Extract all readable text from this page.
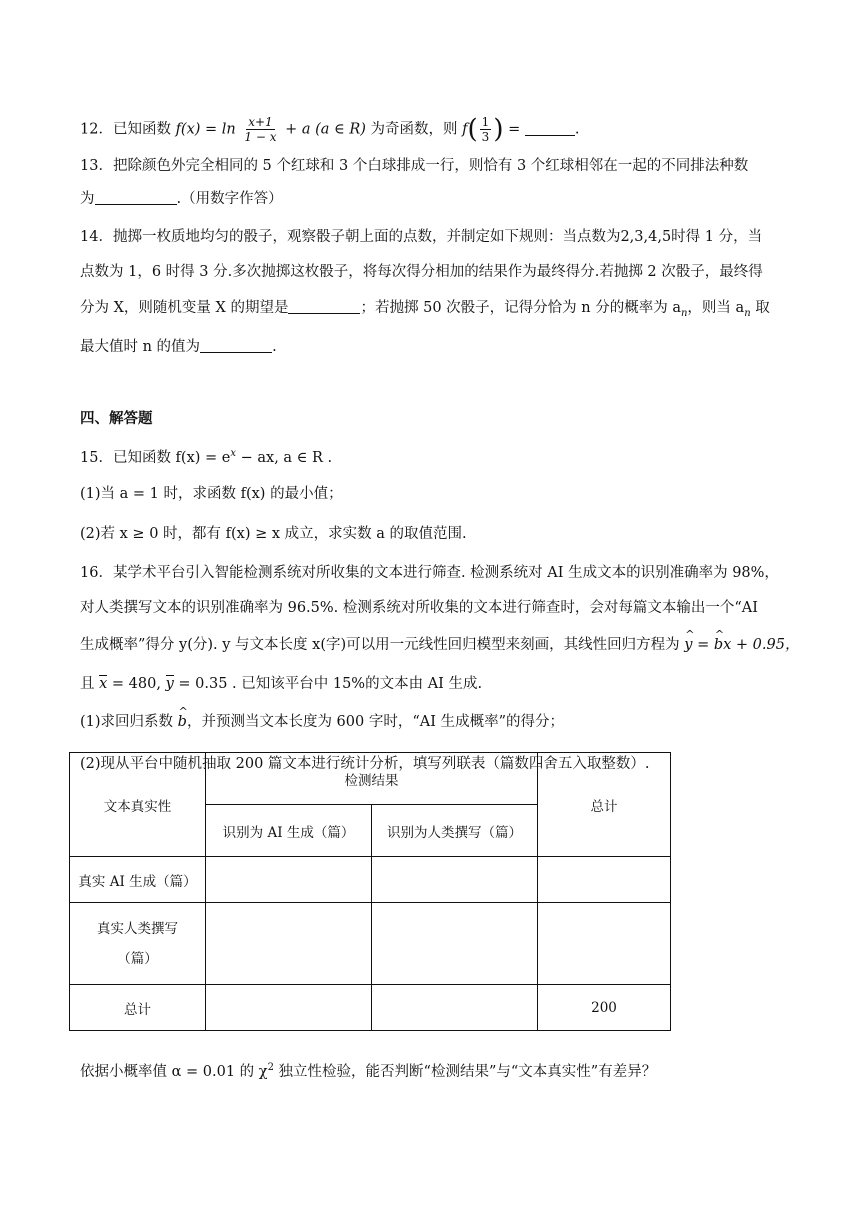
12．已知函数 $f(x) = \ln \frac{x+1}{1 - x} + a$ (a ∈ R) 为奇函数，则 $f( \frac{1}{3}$ ) =	.
13．把除颜色外完全相同的 5 个红球和 3 个白球排成一行，则恰有 3 个红球相邻在一起的不同排法种数
为	.（用数字作答）
14．抛掷一枚质地均匀的骰子，观察骰子朝上面的点数，并制定如下规则：当点数为2,3,4,5时得 1 分，当
点数为 1，6 时得 3 分.多次抛掷这枚骰子，将每次得分相加的结果作为最终得分.若抛掷 2 次骰子，最终得
分为 X，则随机变量 X 的期望是	；若抛掷 50 次骰子，记得分恰为 n 分的概率为 $a_n$，则当 $a_n$ 取
最大值时 n 的值为	.
四、解答题
15．已知函数 $f(x) = e^x$ − ax, a ∈ R .
(1)当 a = 1 时，求函数 f(x) 的最小值；
(2)若 x ≥ 0 时，都有 f(x) ≥ x 成立，求实数 a 的取值范围.
16．某学术平台引入智能检测系统对所收集的文本进行筛查. 检测系统对 AI 生成文本的识别准确率为 98%，
对人类撰写文本的识别准确率为 96.5%. 检测系统对所收集的文本进行筛查时，会对每篇文本输出一个“AI
生成概率”得分 y(分). y 与文本长度 x(字)可以用一元线性回归模型来刻画，其线性回归方程为 ^ y = ^ bx + 0.95，
且 x = 480, y = 0.35 . 已知该平台中 15%的文本由 AI 生成.
(1)求回归系数 ^ b，并预测当文本长度为 600 字时，“AI 生成概率”的得分；
(2)现从平台中随机抽取 200 篇文本进行统计分析，填写列联表（篇数四舍五入取整数）.
文本真实性	检测结果		总计
	识别为 AI 生成（篇）	识别为人类撰写（篇）	
真实 AI 生成（篇）			
真实人类撰写（篇）			
总计			200
依据小概率值 α = 0.01 的 $\chi^2$ 独立性检验，能否判断“检测结果”与“文本真实性”有差异？
